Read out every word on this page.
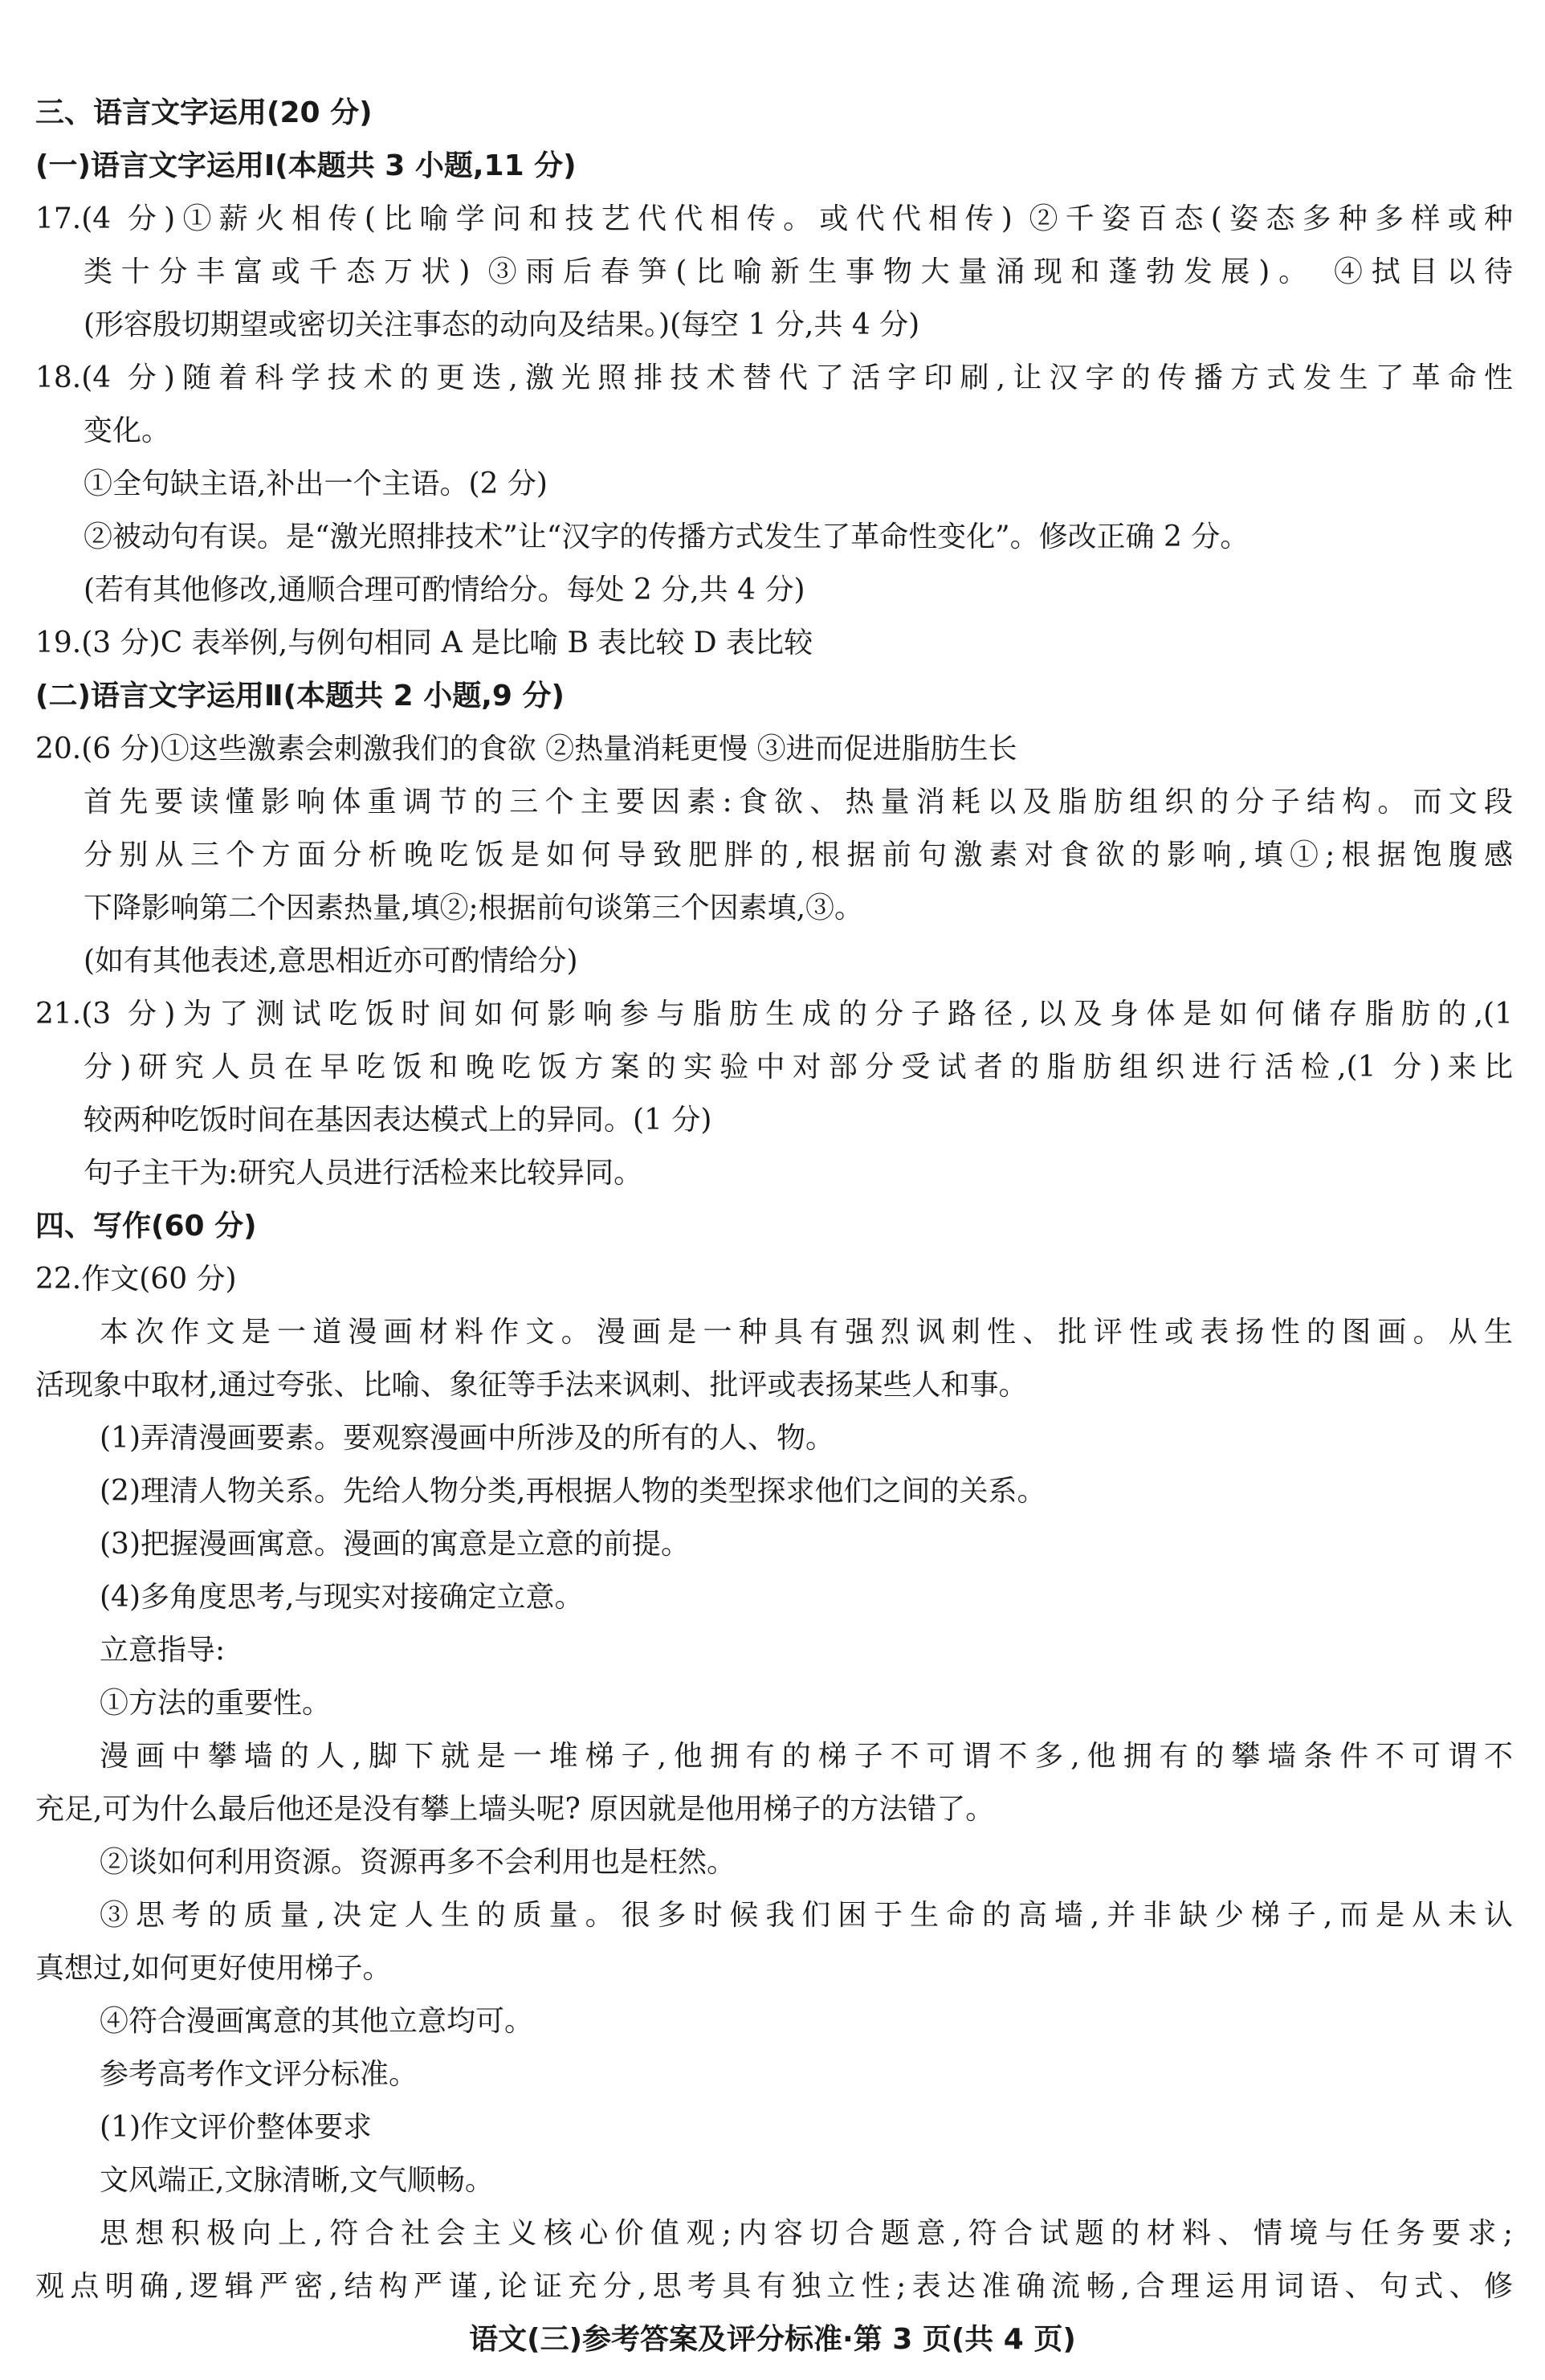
三、语言文字运用(20 分)
(一)语言文字运用Ⅰ(本题共 3 小题,11 分)
17.(4 分)①薪火相传(比喻学问和技艺代代相传。或代代相传) ②千姿百态(姿态多种多样或种
类十分丰富或千态万状) ③雨后春笋(比喻新生事物大量涌现和蓬勃发展)。 ④拭目以待
(形容殷切期望或密切关注事态的动向及结果。)(每空 1 分,共 4 分)
18.(4 分)随着科学技术的更迭,激光照排技术替代了活字印刷,让汉字的传播方式发生了革命性
变化。
①全句缺主语,补出一个主语。(2 分)
②被动句有误。是“激光照排技术”让“汉字的传播方式发生了革命性变化”。修改正确 2 分。
(若有其他修改,通顺合理可酌情给分。每处 2 分,共 4 分)
19.(3 分)C 表举例,与例句相同 A 是比喻 B 表比较 D 表比较
(二)语言文字运用Ⅱ(本题共 2 小题,9 分)
20.(6 分)①这些激素会刺激我们的食欲 ②热量消耗更慢 ③进而促进脂肪生长
首先要读懂影响体重调节的三个主要因素:食欲、热量消耗以及脂肪组织的分子结构。而文段
分别从三个方面分析晚吃饭是如何导致肥胖的,根据前句激素对食欲的影响,填①;根据饱腹感
下降影响第二个因素热量,填②;根据前句谈第三个因素填,③。
(如有其他表述,意思相近亦可酌情给分)
21.(3 分)为了测试吃饭时间如何影响参与脂肪生成的分子路径,以及身体是如何储存脂肪的,(1
分)研究人员在早吃饭和晚吃饭方案的实验中对部分受试者的脂肪组织进行活检,(1 分)来比
较两种吃饭时间在基因表达模式上的异同。(1 分)
句子主干为:研究人员进行活检来比较异同。
四、写作(60 分)
22.作文(60 分)
本次作文是一道漫画材料作文。漫画是一种具有强烈讽刺性、批评性或表扬性的图画。从生
活现象中取材,通过夸张、比喻、象征等手法来讽刺、批评或表扬某些人和事。
(1)弄清漫画要素。要观察漫画中所涉及的所有的人、物。
(2)理清人物关系。先给人物分类,再根据人物的类型探求他们之间的关系。
(3)把握漫画寓意。漫画的寓意是立意的前提。
(4)多角度思考,与现实对接确定立意。
立意指导:
①方法的重要性。
漫画中攀墙的人,脚下就是一堆梯子,他拥有的梯子不可谓不多,他拥有的攀墙条件不可谓不
充足,可为什么最后他还是没有攀上墙头呢? 原因就是他用梯子的方法错了。
②谈如何利用资源。资源再多不会利用也是枉然。
③思考的质量,决定人生的质量。很多时候我们困于生命的高墙,并非缺少梯子,而是从未认
真想过,如何更好使用梯子。
④符合漫画寓意的其他立意均可。
参考高考作文评分标准。
(1)作文评价整体要求
文风端正,文脉清晰,文气顺畅。
思想积极向上,符合社会主义核心价值观;内容切合题意,符合试题的材料、情境与任务要求;
观点明确,逻辑严密,结构严谨,论证充分,思考具有独立性;表达准确流畅,合理运用词语、句式、修
语文(三)参考答案及评分标准·第 3 页(共 4 页)
